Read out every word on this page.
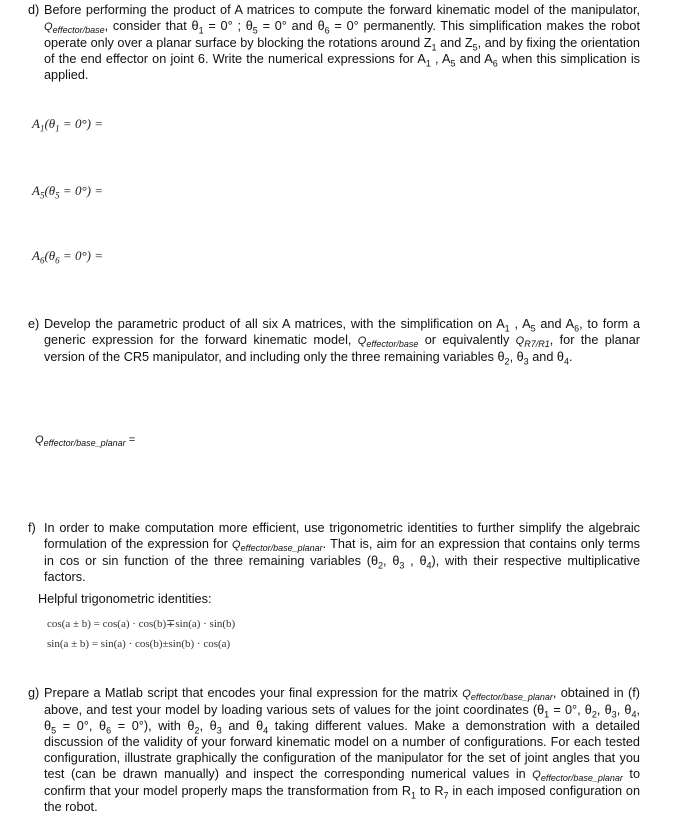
d) Before performing the product of A matrices to compute the forward kinematic model of the manipulator, $Q_{effector/base}$, consider that $\theta_1 = 0^\circ$ ; $\theta_5 = 0^\circ$ and $\theta_6 = 0^\circ$ permanently. This simplification makes the robot operate only over a planar surface by blocking the rotations around $Z_1$ and $Z_5$, and by fixing the orientation of the end effector on joint 6. Write the numerical expressions for $A_1$ , $A_5$ and $A_6$ when this simplication is applied.
$A_1(\theta_1 = 0^\circ)$ =
$A_5(\theta_5 = 0^\circ)$ =
$A_6(\theta_6 = 0^\circ)$ =
e) Develop the parametric product of all six A matrices, with the simplification on $A_1$ , $A_5$ and $A_6$, to form a generic expression for the forward kinematic model, $Q_{effector/base}$ or equivalently $Q_{R7/R1}$, for the planar version of the CR5 manipulator, and including only the three remaining variables $\theta_2$, $\theta_3$ and $\theta_4$.
$Q_{effector/base\_planar}$ =
f) In order to make computation more efficient, use trigonometric identities to further simplify the algebraic formulation of the expression for $Q_{effector/base\_planar}$. That is, aim for an expression that contains only terms in cos or sin function of the three remaining variables ($\theta_2$, $\theta_3$ , $\theta_4$), with their respective multiplicative factors.
Helpful trigonometric identities:
cos(a ± b) = cos(a) · cos(b)∓sin(a) · sin(b)
sin(a ± b) = sin(a) · cos(b)±sin(b) · cos(a)
g) Prepare a Matlab script that encodes your final expression for the matrix $Q_{effector/base\_planar}$, obtained in (f) above, and test your model by loading various sets of values for the joint coordinates ($\theta_1 = 0^\circ$, $\theta_2$, $\theta_3$, $\theta_4$, $\theta_5 = 0^\circ$, $\theta_6 = 0^\circ$), with $\theta_2$, $\theta_3$ and $\theta_4$ taking different values. Make a demonstration with a detailed discussion of the validity of your forward kinematic model on a number of configurations. For each tested configuration, illustrate graphically the configuration of the manipulator for the set of joint angles that you test (can be drawn manually) and inspect the corresponding numerical values in $Q_{effector/base\_planar}$ to confirm that your model properly maps the transformation from $R_1$ to $R_7$ in each imposed configuration on the robot.
